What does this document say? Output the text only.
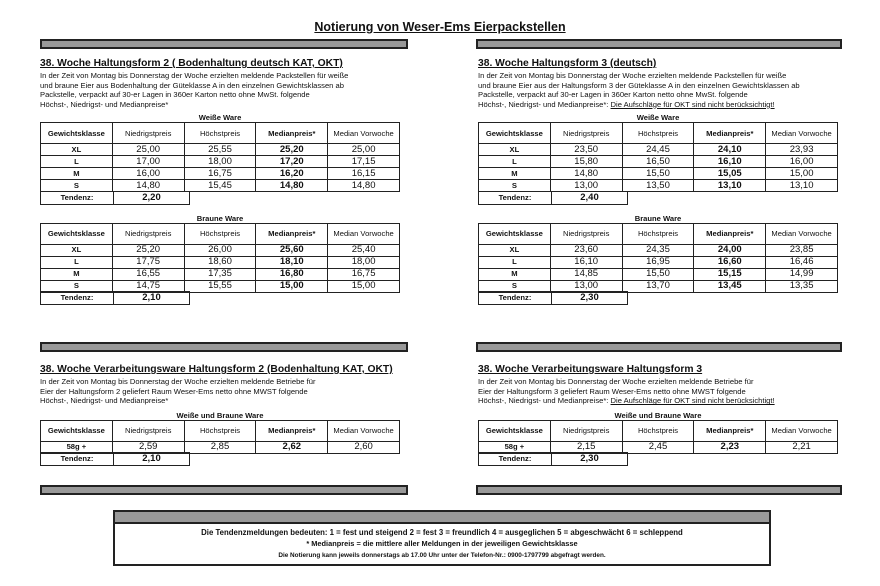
Notierung von Weser-Ems Eierpackstellen

38. Woche Haltungsform 2 ( Bodenhaltung deutsch KAT, OKT)

In der Zeit von Montag bis Donnerstag der Woche erzielten meldende Packstellen für weiße
und braune Eier aus Bodenhaltung der Güteklasse A in den einzelnen Gewichtsklassen ab
Packstelle, verpackt auf 30-er Lagen in 360er Karton netto ohne MwSt. folgende
Höchst-, Niedrigst- und Medianpreise*
Weiße Ware
Gewichtsklasse	Niedrigstpreis	Höchstpreis	Medianpreis*	Median Vorwoche
XL	25,00	25,55	25,20	25,00
L	17,00	18,00	17,20	17,15
M	16,00	16,75	16,20	16,15
S	14,80	15,45	14,80	14,80
Tendenz:	2,20
Braune Ware
Gewichtsklasse	Niedrigstpreis	Höchstpreis	Medianpreis*	Median Vorwoche
XL	25,20	26,00	25,60	25,40
L	17,75	18,60	18,10	18,00
M	16,55	17,35	16,80	16,75
S	14,75	15,55	15,00	15,00
Tendenz:	2,10

38. Woche Haltungsform 3 (deutsch)

In der Zeit von Montag bis Donnerstag der Woche erzielten meldende Packstellen für weiße
und braune Eier aus der Haltungsform 3 der Güteklasse A in den einzelnen Gewichtsklassen ab
Packstelle, verpackt auf 30-er Lagen in 360er Karton netto ohne MwSt. folgende
Höchst-, Niedrigst- und Medianpreise*: Die Aufschläge für OKT sind nicht berücksichtigt!
Weiße Ware
Gewichtsklasse	Niedrigstpreis	Höchstpreis	Medianpreis*	Median Vorwoche
XL	23,50	24,45	24,10	23,93
L	15,80	16,50	16,10	16,00
M	14,80	15,50	15,05	15,00
S	13,00	13,50	13,10	13,10
Tendenz:	2,40
Braune Ware
Gewichtsklasse	Niedrigstpreis	Höchstpreis	Medianpreis*	Median Vorwoche
XL	23,60	24,35	24,00	23,85
L	16,10	16,95	16,60	16,46
M	14,85	15,50	15,15	14,99
S	13,00	13,70	13,45	13,35
Tendenz:	2,30

38. Woche Verarbeitungsware Haltungsform 2 (Bodenhaltung KAT, OKT)

In der Zeit von Montag bis Donnerstag der Woche erzielten meldende Betriebe für
Eier der Haltungsform 2 geliefert Raum Weser-Ems netto ohne MWST folgende
Höchst-, Niedrigst- und Medianpreise*
Weiße und Braune Ware
Gewichtsklasse	Niedrigstpreis	Höchstpreis	Medianpreis*	Median Vorwoche
58g +	2,59	2,85	2,62	2,60
Tendenz:	2,10

38. Woche Verarbeitungsware Haltungsform 3

In der Zeit von Montag bis Donnerstag der Woche erzielten meldende Betriebe für
Eier der Haltungsform 3 geliefert Raum Weser-Ems netto ohne MWST folgende
Höchst-, Niedrigst- und Medianpreise*: Die Aufschläge für OKT sind nicht berücksichtigt!
Weiße und Braune Ware
Gewichtsklasse	Niedrigstpreis	Höchstpreis	Medianpreis*	Median Vorwoche
58g +	2,15	2,45	2,23	2,21
Tendenz:	2,30

Die Tendenzmeldungen bedeuten: 1 = fest und steigend 2 = fest 3 = freundlich 4 = ausgeglichen 5 = abgeschwächt 6 = schleppend

* Medianpreis = die mittlere aller Meldungen in der jeweiligen Gewichtsklasse

Die Notierung kann jeweils donnerstags ab 17.00 Uhr unter der Telefon-Nr.: 0900-1797799 abgefragt werden.
